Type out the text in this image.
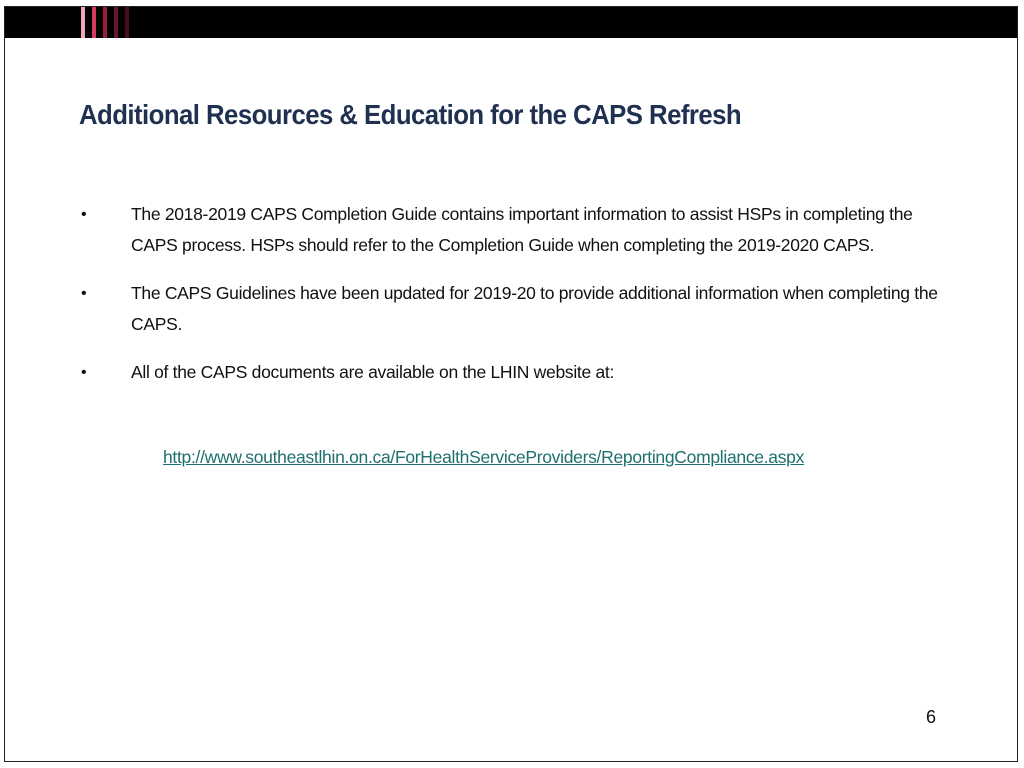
Additional Resources & Education for the CAPS Refresh
•	The 2018-2019 CAPS Completion Guide contains important information to assist HSPs in completing the CAPS process. HSPs should refer to the Completion Guide when completing the 2019-2020 CAPS.
•	The CAPS Guidelines have been updated for 2019-20 to provide additional information when completing the CAPS.
•	All of the CAPS documents are available on the LHIN website at:
http://www.southeastlhin.on.ca/ForHealthServiceProviders/ReportingCompliance.aspx
6
